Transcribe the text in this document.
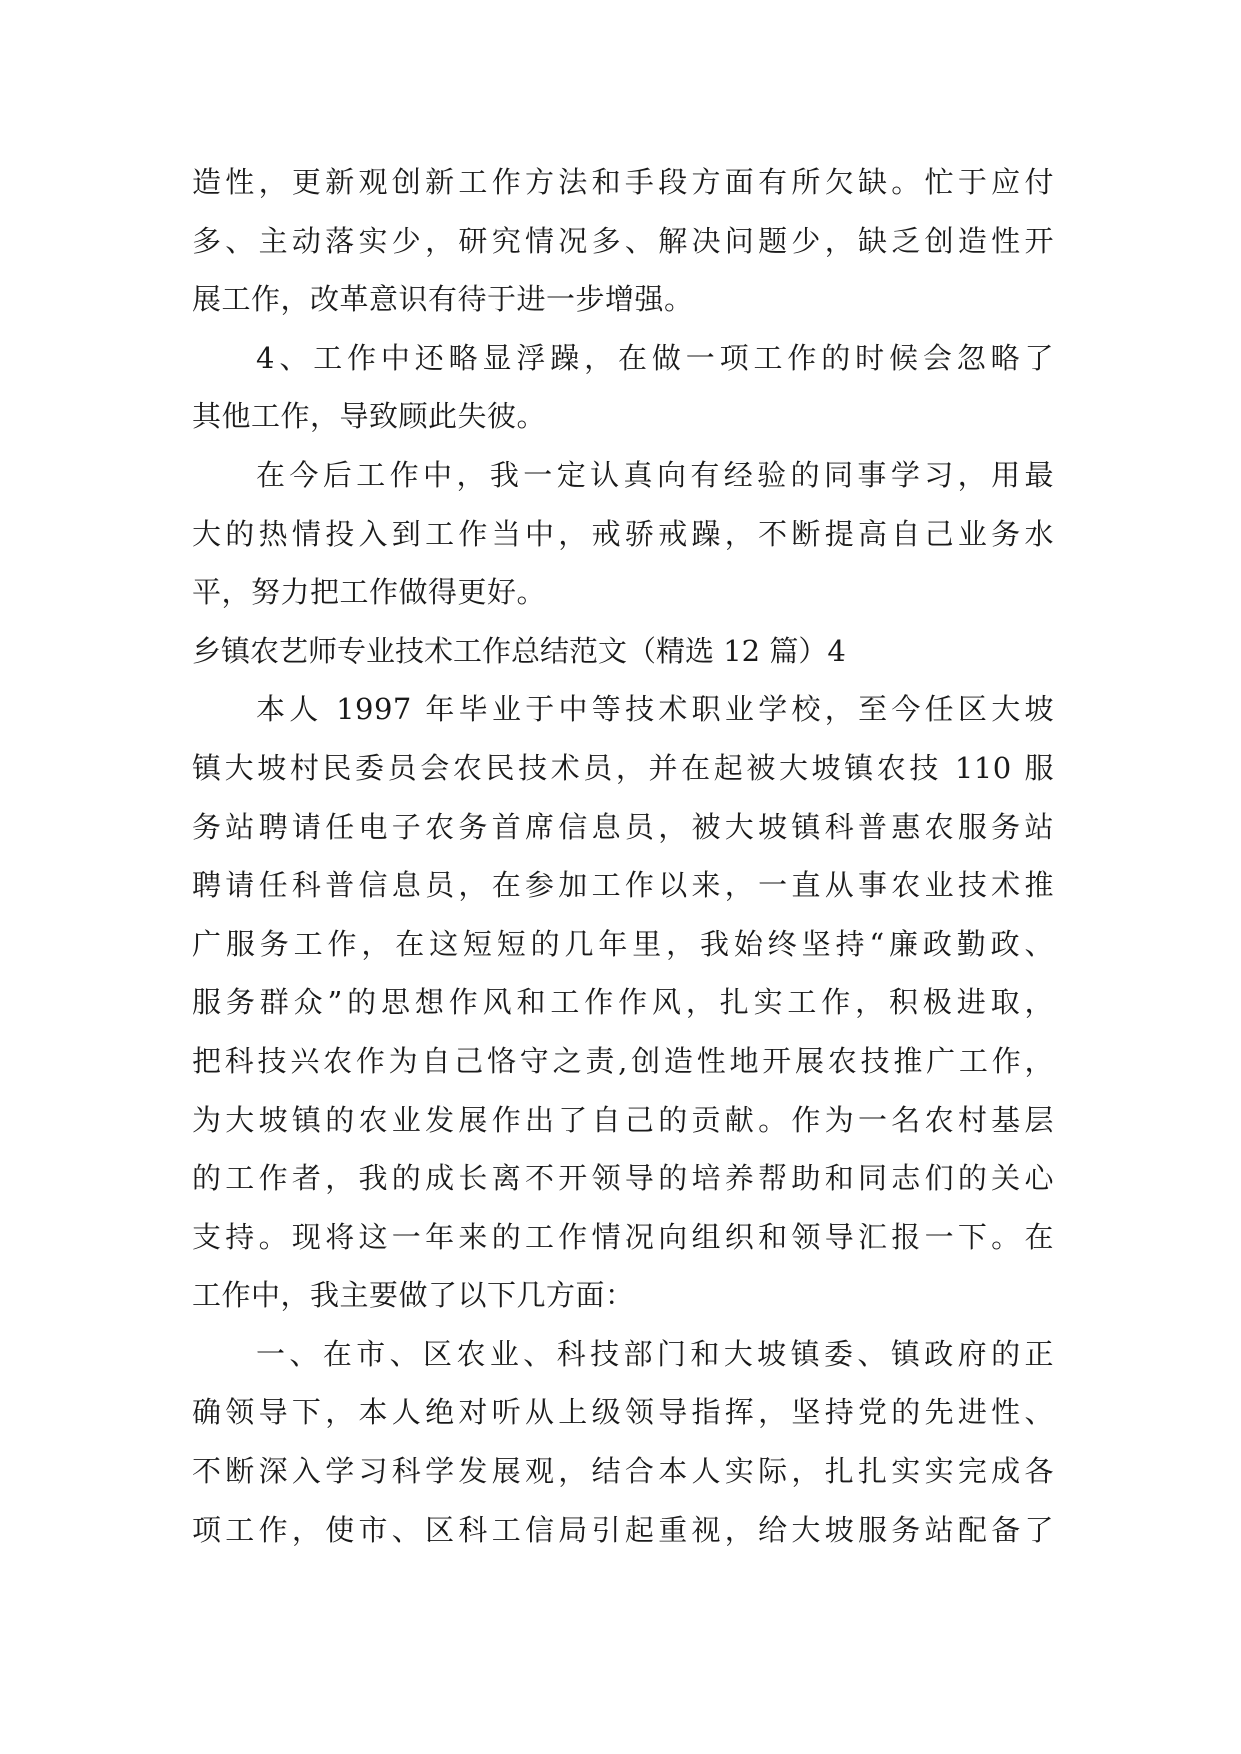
造性，更新观创新工作方法和手段方面有所欠缺。忙于应付
多、主动落实少，研究情况多、解决问题少，缺乏创造性开
展工作，改革意识有待于进一步增强。
4、工作中还略显浮躁，在做一项工作的时候会忽略了
其他工作，导致顾此失彼。
在今后工作中，我一定认真向有经验的同事学习，用最
大的热情投入到工作当中，戒骄戒躁，不断提高自己业务水
平，努力把工作做得更好。
乡镇农艺师专业技术工作总结范文（精选 12 篇）4
本人 1997 年毕业于中等技术职业学校，至今任区大坡
镇大坡村民委员会农民技术员，并在起被大坡镇农技 110 服
务站聘请任电子农务首席信息员，被大坡镇科普惠农服务站
聘请任科普信息员，在参加工作以来，一直从事农业技术推
广服务工作，在这短短的几年里，我始终坚持“廉政勤政、
服务群众”的思想作风和工作作风，扎实工作，积极进取，
把科技兴农作为自己恪守之责,创造性地开展农技推广工作，
为大坡镇的农业发展作出了自己的贡献。作为一名农村基层
的工作者，我的成长离不开领导的培养帮助和同志们的关心
支持。现将这一年来的工作情况向组织和领导汇报一下。在
工作中，我主要做了以下几方面：
一、在市、区农业、科技部门和大坡镇委、镇政府的正
确领导下，本人绝对听从上级领导指挥，坚持党的先进性、
不断深入学习科学发展观，结合本人实际，扎扎实实完成各
项工作，使市、区科工信局引起重视，给大坡服务站配备了
